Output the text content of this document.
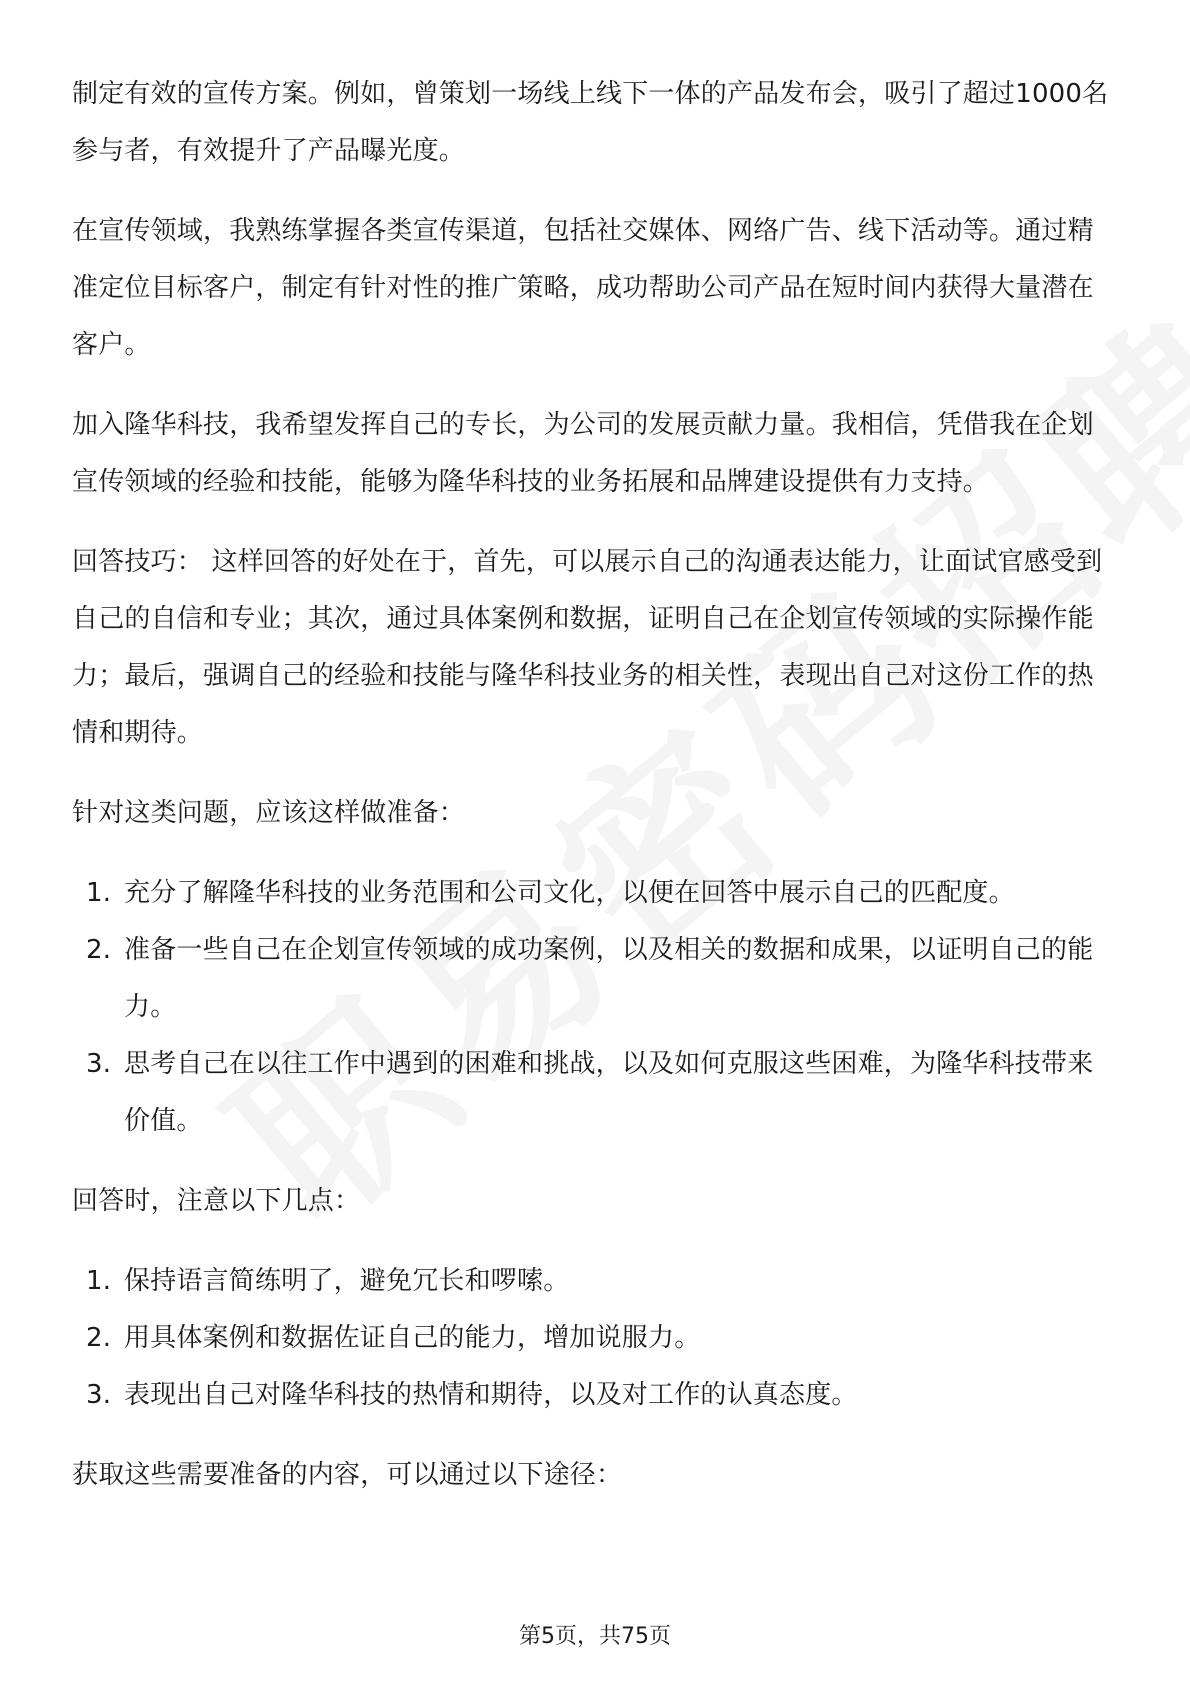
制定有效的宣传方案。例如，曾策划一场线上线下一体的产品发布会，吸引了超过1000名参与者，有效提升了产品曝光度。

在宣传领域，我熟练掌握各类宣传渠道，包括社交媒体、网络广告、线下活动等。通过精准定位目标客户，制定有针对性的推广策略，成功帮助公司产品在短时间内获得大量潜在客户。

加入隆华科技，我希望发挥自己的专长，为公司的发展贡献力量。我相信，凭借我在企划宣传领域的经验和技能，能够为隆华科技的业务拓展和品牌建设提供有力支持。

回答技巧： 这样回答的好处在于，首先，可以展示自己的沟通表达能力，让面试官感受到自己的自信和专业；其次，通过具体案例和数据，证明自己在企划宣传领域的实际操作能力；最后，强调自己的经验和技能与隆华科技业务的相关性，表现出自己对这份工作的热情和期待。

针对这类问题，应该这样做准备：

1. 充分了解隆华科技的业务范围和公司文化，以便在回答中展示自己的匹配度。
2. 准备一些自己在企划宣传领域的成功案例，以及相关的数据和成果，以证明自己的能力。
3. 思考自己在以往工作中遇到的困难和挑战，以及如何克服这些困难，为隆华科技带来价值。

回答时，注意以下几点：

1. 保持语言简练明了，避免冗长和啰嗦。
2. 用具体案例和数据佐证自己的能力，增加说服力。
3. 表现出自己对隆华科技的热情和期待，以及对工作的认真态度。

获取这些需要准备的内容，可以通过以下途径：

第5页，共75页
